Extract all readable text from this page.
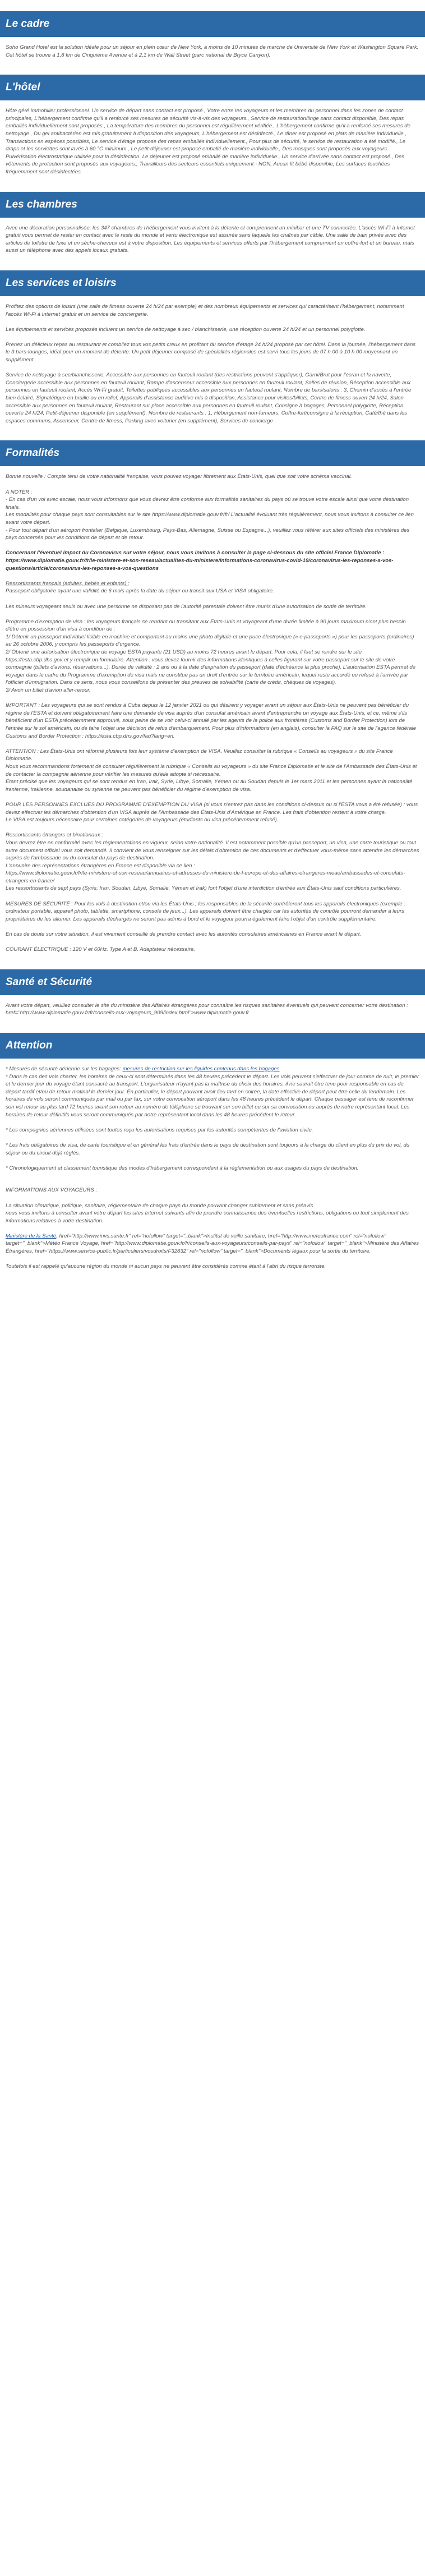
Le cadre

Soho Grand Hotel est la solution idéale pour un séjour en plein cœur de New York, à moins de 10 minutes de marche de Université de New York et Washington Square Park. Cet hôtel se trouve à 1,8 km de Cinquième Avenue et à 2,1 km de Wall Street (parc national de Bryce Canyon).

L'hôtel

Hôte géré immobilier professionnel. Un service de départ sans contact est proposé., Votre entre les voyageurs et les membres du personnel dans les zones de contact principales, L'hébergement confirme qu'il a renforcé ses mesures de sécurité vis-à-vis des voyageurs., Service de restauration/linge sans contact disponible, Des repas emballés individuellement sont proposés., La température des membres du personnel est régulièrement vérifiée., L'hébergement confirme qu'il a renforcé ses mesures de nettoyage., Du gel antibactérien est mis gratuitement à disposition des voyageurs, L'hébergement est désinfecté., Le dîner est proposé en plats de manière individuelle., Transactions en espèces possibles, Le service d'étage propose des repas emballés individuellement., Pour plus de sécurité, le service de restauration a été modifié., Le draps et les serviettes sont lavés à 60 °C minimum., Le petit-déjeuner est proposé emballé de manière individuelle., Des masques sont proposés aux voyageurs. Pulvérisation électrostatique utilisée pour la désinfection. Le déjeuner est proposé emballé de manière individuelle., Un service d'arrivée sans contact est proposé., Des vêtements de protection sont proposés aux voyageurs., Travailleurs des secteurs essentiels uniquement - NON, Aucun lit bébé disponible, Les surfaces touchées fréquemment sont désinfectées.

Les chambres

Avec une décoration personnalisée, les 347 chambres de l'hébergement vous invitent à la détente et comprennent un minibar et une TV connectée. L'accès Wi-Fi à Internet gratuit vous permet de rester en contact avec le reste du monde et vertu électronique est assurée sans laquelle les chaînes par câble. Une salle de bain privée avec des articles de toilette de luxe et un sèche-cheveux est à votre disposition. Les équipements et services offerts par l'hébergement comprennent un coffre-fort et un bureau, mais aussi un téléphone avec des appels locaux gratuits.

Les services et loisirs

Profitez des options de loisirs (une salle de fitness ouverte 24 h/24 par exemple) et des nombreux équipements et services qui caractérisent l'hébergement, notamment l'accès Wi-Fi à Internet gratuit et un service de conciergerie.

Les équipements et services proposés incluent un service de nettoyage à sec / blanchisserie, une réception ouverte 24 h/24 et un personnel polyglotte.

Prenez un délicieux repas au restaurant et combliez tous vos petits creux en profitant du service d'étage 24 h/24 proposé par cet hôtel. Dans la journée, l'hébergement dans le 3 bars-lounges, idéal pour un moment de détente. Un petit déjeuner composé de spécialités régionales est servi tous les jours de 07 h 00 à 10 h 00 moyennant un supplément.

Service de nettoyage à sec/blanchisserie, Accessible aux personnes en fauteuil roulant (des restrictions peuvent s'appliquer), Garni/Brut pour l'écran et la navette, Conciergerie accessible aux personnes en fauteuil roulant, Rampe d'ascenseur accessible aux personnes en fauteuil roulant, Salles de réunion, Réception accessible aux personnes en fauteuil roulant, Accès Wi-Fi gratuit, Toilettes publiques accessibles aux personnes en fauteuil roulant, Nombre de bars/salons : 3, Chemin d'accès à l'entrée bien éclairé, Signalétique en braille ou en relief, Appareils d'assistance auditive mis à disposition, Assistance pour visites/billets, Centre de fitness ouvert 24 h/24, Salon accessible aux personnes en fauteuil roulant, Restaurant sur place accessible aux personnes en fauteuil roulant, Consigne à bagages, Personnel polyglotte, Réception ouverte 24 h/24, Petit-déjeuner disponible (en supplément), Nombre de restaurants : 1, Hébergement non-fumeurs, Coffre-fort/consigne à la réception, Café/thé dans les espaces communs, Ascenseur, Centre de fitness, Parking avec voiturier (en supplément), Services de concierge

Formalités

Bonne nouvelle : Compte tenu de votre nationalité française, vous pouvez voyager librement aux États-Unis, quel que soit votre schéma vaccinal.

A NOTER :

- En cas d'un vol avec escale, nous vous informons que vous devrez être conforme aux formalités sanitaires du pays où se trouve votre escale ainsi que votre destination finale.

Les modalités pour chaque pays sont consultables sur le site https://www.diplomatie.gouv.fr/fr/ L'actualité évoluant très régulièrement, nous vous invitons à consulter ce lien avant votre départ.

- Pour tout départ d'un aéroport frontalier (Belgique, Luxembourg, Pays-Bas, Allemagne, Suisse ou Espagne...), veuillez vous référer aux sites officiels des ministères des pays concernés pour les conditions de départ et de retour.

Concernant l'éventuel impact du Coronavirus sur votre séjour, nous vous invitons à consulter la page ci-dessous du site officiel France Diplomatie : https://www.diplomatie.gouv.fr/fr/le-ministere-et-son-reseau/actualites-du-ministere/informations-coronavirus-covid-19/coronavirus-les-reponses-a-vos-questions/article/coronavirus-les-reponses-a-vos-questions

Ressortissants français (adultes, bébés et enfants) :

Passeport obligatoire ayant une validité de 6 mois après la date du séjour ou transit aux USA et VISA obligatoire.

Les mineurs voyageant seuls ou avec une personne ne disposant pas de l'autorité parentale doivent être munis d'une autorisation de sortie de territoire.

Programme d'exemption de visa : les voyageurs français se rendant ou transitant aux États-Unis et voyageant d'une durée limitée à 90 jours maximum n'ont plus besoin d'être en possession d'un visa à condition de :
1/ Détenir un passeport individuel lisible en machine et comportant au moins une photo digitale et une puce électronique (« e-passeports ») pour les passeports (ordinaires) au 26 octobre 2006, y compris les passeports d'urgence.
2/ Obtenir une autorisation électronique de voyage ESTA payante (21 USD) au moins 72 heures avant le départ. Pour cela, il faut se rendre sur le site https://esta.cbp.dhs.gov et y remplir un formulaire. Attention : vous devez fournir des informations identiques à celles figurant sur votre passeport sur le site de votre compagnie (billets d'avions, réservations...). Durée de validité : 2 ans ou à la date d'expiration du passeport (date d'échéance la plus proche). L'autorisation ESTA permet de voyager dans le cadre du Programme d'exemption de visa mais ne constitue pas un droit d'entrée sur le territoire américain, lequel reste accordé ou refusé à l'arrivée par l'officier d'immigration. Dans ce sens, nous vous conseillons de présenter des preuves de solvabilité (carte de crédit, chèques de voyages).
3/ Avoir un billet d'avion aller-retour.

IMPORTANT : Les voyageurs qui se sont rendus à Cuba depuis le 12 janvier 2021 ou qui désirent y voyager avant un séjour aux États-Unis ne peuvent pas bénéficier du régime de l'ESTA et doivent obligatoirement faire une demande de visa auprès d'un consulat américain avant d'entreprendre un voyage aux États-Unis, et ce, même s'ils bénéficient d'un ESTA précédemment approuvé, sous peine de se voir celui-ci annulé par les agents de la police aux frontières (Customs and Border Protection) lors de l'entrée sur le sol américain, ou de faire l'objet une décision de refus d'embarquement. Pour plus d'informations (en anglais), consulter la FAQ sur le site de l'agence fédérale Customs and Border Protection : https://esta.cbp.dhs.gov/faq?lang=en.

ATTENTION : Les États-Unis ont réformé plusieurs fois leur système d'exemption de VISA. Veuillez consulter la rubrique « Conseils au voyageurs » du site France Diplomatie.
Nous vous recommandons fortement de consulter régulièrement la rubrique « Conseils au voyageurs » du site France Diplomatie et le site de l'Ambassade des États-Unis et de contacter la compagnie aérienne pour vérifier les mesures qu'elle adopte si nécessaire.
Étant précisé que les voyageurs qui se sont rendus en Iran, Irak, Syrie, Libye, Somalie, Yémen ou au Soudan depuis le 1er mars 2011 et les personnes ayant la nationalité iranienne, irakienne, soudanaise ou syrienne ne peuvent pas bénéficier du régime d'exemption de visa.

POUR LES PERSONNES EXCLUES DU PROGRAMME D'EXEMPTION DU VISA (si vous n'entrez pas dans les conditions ci-dessus ou si l'ESTA vous a été refusée) : vous devez effectuer les démarches d'obtention d'un VISA auprès de l'Ambassade des États-Unis d'Amérique en France. Les frais d'obtention restent à votre charge.
Le VISA est toujours nécessaire pour certaines catégories de voyageurs (étudiants ou visa précédemment refusé).

Ressortissants étrangers et binationaux :
Vous devrez être en conformité avec les réglementations en vigueur, selon votre nationalité. Il est notamment possible qu'un passeport, un visa, une carte touristique ou tout autre document officiel vous soit demandé. Il convient de vous renseigner sur les délais d'obtention de ces documents et d'effectuer vous-même sans attendre les démarches auprès de l'ambassade ou du consulat du pays de destination.
L'annuaire des représentations étrangères en France est disponible via ce lien :
https://www.diplomatie.gouv.fr/fr/le-ministere-et-son-reseau/annuaires-et-adresses-du-ministere-de-l-europe-et-des-affaires-etrangeres-meae/ambassades-et-consulats-etrangers-en-france/
Les ressortissants de sept pays (Syrie, Iran, Soudan, Libye, Somalie, Yémen et Irak) font l'objet d'une interdiction d'entrée aux États-Unis sauf conditions particulières.

MESURES DE SÉCURITÉ : Pour les vols à destination et/ou via les États-Unis ; les responsables de la sécurité contrôleront tous les appareils électroniques (exemple : ordinateur portable, appareil photo, tablette, smartphone, console de jeux...). Les appareils doivent être chargés car les autorités de contrôle pourront demander à leurs propriétaires de les allumer. Les appareils déchargés ne seront pas admis à bord et le voyageur pourra également faire l'objet d'un contrôle supplémentaire.

En cas de doute sur votre situation, il est vivement conseillé de prendre contact avec les autorités consulaires américaines en France avant le départ.

COURANT ÉLECTRIQUE : 120 V et 60Hz. Type A et B. Adaptateur nécessaire.

Santé et Sécurité

Avant votre départ, veuillez consulter le site du ministère des Affaires étrangères pour connaître les risques sanitaires éventuels qui peuvent concerner votre destination : href="http://www.diplomatie.gouv.fr/fr/conseils-aux-voyageurs_909/index.html">www.diplomatie.gouv.fr

Attention

* Mesures de sécurité aérienne sur les bagages: mesures de restriction sur les liquides contenus dans les bagages.

* Dans le cas des vols charter, les horaires de ceux-ci sont déterminés dans les 48 heures précédent le départ. Les vols peuvent s'effectuer de jour comme de nuit, le premier et le dernier jour du voyage étant consacré au transport. L'organisateur n'ayant pas la maîtrise du choix des horaires, il ne saurait être tenu pour responsable en cas de départ tardif et/ou de retour matinal le dernier jour. En particulier, le départ pouvant avoir lieu tard en soirée, la date effective de départ peut être celle du lendemain. Les horaires de vols seront communiqués par mail ou par fax, sur votre convocation aéroport dans les 48 heures précédent le départ. Chaque passager est tenu de reconfirmer son vol retour au plus tard 72 heures avant son retour au numéro de téléphone se trouvant sur son billet ou sur sa convocation ou auprès de notre représentant local. Les horaires de retour définitifs vous seront communiqués par notre représentant local dans les 48 heures précédent le retour.

* Les compagnies aériennes utilisées sont toutes reçu les autorisations requises par les autorités compétentes de l'aviation civile.

* Les frais obligatoires de visa, de carte touristique et en général les frais d'entrée dans le pays de destination sont toujours à la charge du client en plus du prix du vol, du séjour ou du circuit déjà réglés.

* Chronologiquement et classement touristique des modes d'hébergement correspondent à la réglementation ou aux usages du pays de destination.

INFORMATIONS AUX VOYAGEURS :

La situation climatique, politique, sanitaire, réglementaire de chaque pays du monde pouvant changer subitement et sans préavis
nous vous invitons à consulter avant votre départ les sites Internet suivants afin de prendre connaissance des éventuelles restrictions, obligations ou tout simplement des informations relatives à votre destination.

Ministère de la Santé, href="http://www.invs.sante.fr" rel="nofollow" target="_blank">Institut de veille sanitaire, href="http://www.meteofrance.com" rel="nofollow" target="_blank">Météo France Voyage, href="http://www.diplomatie.gouv.fr/fr/conseils-aux-voyageurs/conseils-par-pays" rel="nofollow" target="_blank">Ministère des Affaires Étrangères, href="https://www.service-public.fr/particuliers/vosdroits/F32832" rel="nofollow" target="_blank">Documents légaux pour la sortie du territoire.

Toutefois il est rappelé qu'aucune région du monde ni aucun pays ne peuvent être considérés comme étant à l'abri du risque terroriste.
